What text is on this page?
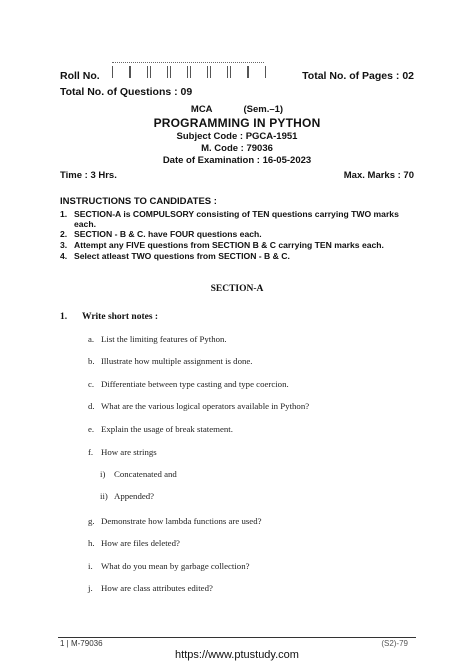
Roll No.	Total No. of Pages : 02
Total No. of Questions : 09
MCA	(Sem.–1)
PROGRAMMING IN PYTHON
Subject Code : PGCA-1951
M. Code : 79036
Date of Examination : 16-05-2023
Time : 3 Hrs.	Max. Marks : 70
INSTRUCTIONS TO CANDIDATES :
1. SECTION-A is COMPULSORY consisting of TEN questions carrying TWO marks
each.
2. SECTION - B & C. have FOUR questions each.
3. Attempt any FIVE questions from SECTION B & C carrying TEN marks each.
4. Select atleast TWO questions from SECTION - B & C.
SECTION-A
1. Write short notes :
a. List the limiting features of Python.
b. Illustrate how multiple assignment is done.
c. Differentiate between type casting and type coercion.
d. What are the various logical operators available in Python?
e. Explain the usage of break statement.
f. How are strings
i) Concatenated and
ii) Appended?
g. Demonstrate how lambda functions are used?
h. How are files deleted?
i. What do you mean by garbage collection?
j. How are class attributes edited?
1 | M-79036	(S2)-79
https://www.ptustudy.com
